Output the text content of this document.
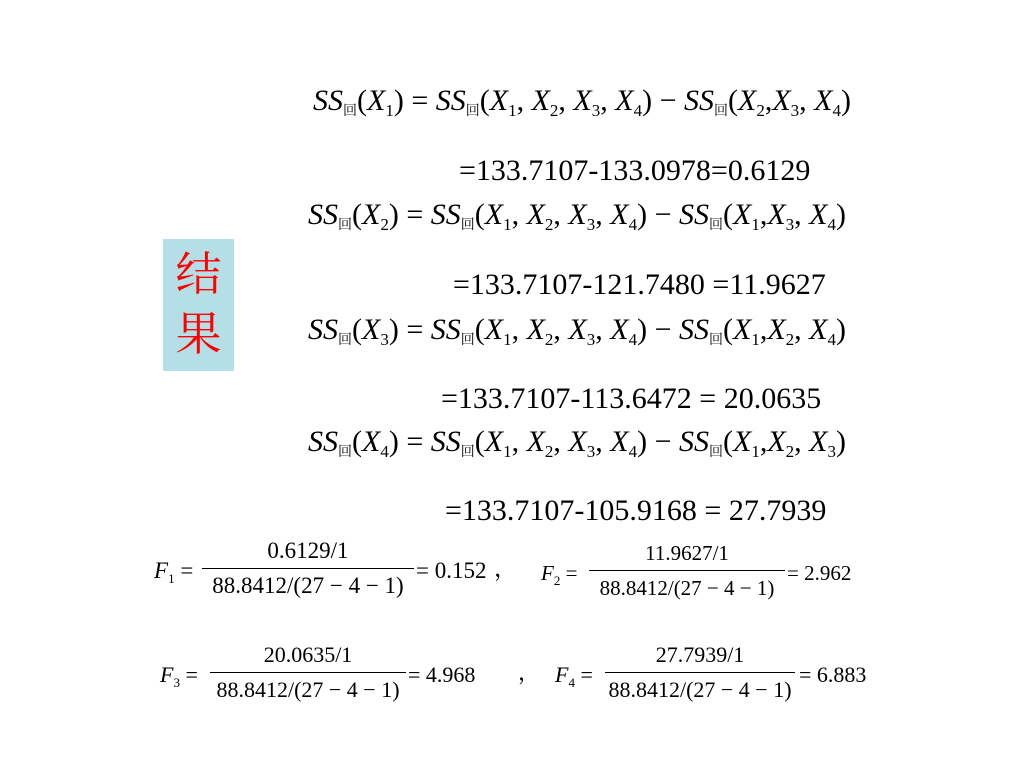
结
果
SS回$(X_1)$ = SS回($X_1$, $X_2$, $X_3$, $X_4$) − SS回($X_2,X_3$, $X_4$)
=133.7107-133.0978=0.6129
SS回$(X_2)$ = SS回($X_1$, $X_2$, $X_3$, $X_4$) − SS回($X_1,X_3$, $X_4$)
=133.7107-121.7480 =11.9627
SS回$(X_3)$ = SS回($X_1$, $X_2$, $X_3$, $X_4$) − SS回($X_1,X_2$, $X_4$)
=133.7107-113.6472 = 20.0635
SS回$(X_4)$ = SS回($X_1$, $X_2$, $X_3$, $X_4$) − SS回($X_1,X_2$, $X_3$)
=133.7107-105.9168 = 27.7939
$F_1$ =
0.6129/1
88.8412/(27 − 4 − 1)
= 0.152 ， $F_2$ =
11.9627/1
88.8412/(27 − 4 − 1)
= 2.962
$F_3$ =
20.0635/1
88.8412/(27 − 4 − 1)
= 4.968 ， $F_4$ =
27.7939/1
88.8412/(27 − 4 − 1)
= 6.883
